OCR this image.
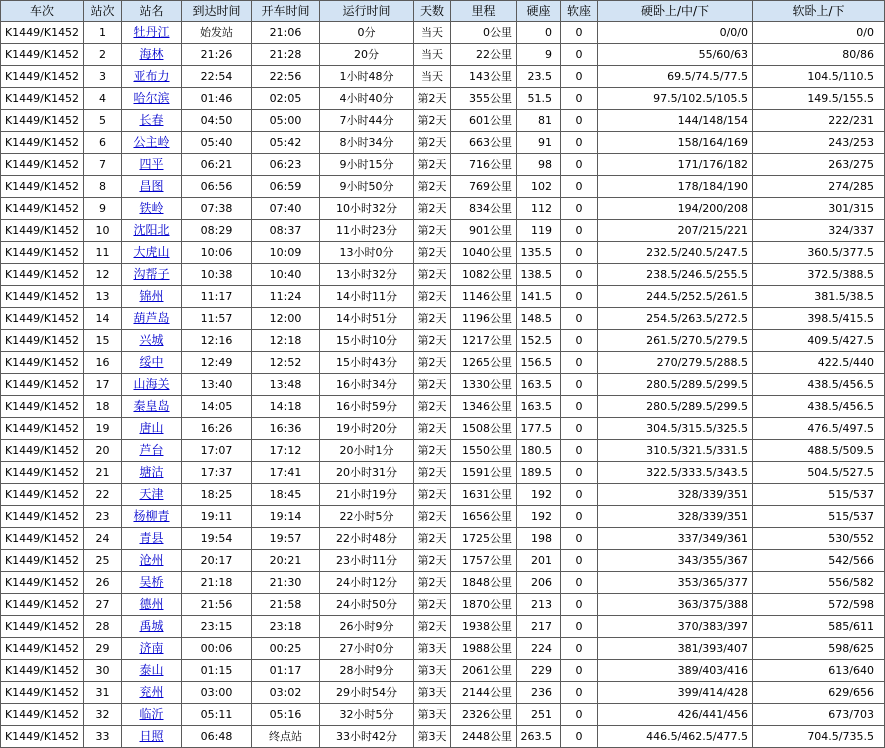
车次	站次	站名	到达时间	开车时间	运行时间	天数	里程	硬座	软座	硬卧上/中/下	软卧上/下
K1449/K1452	1	牡丹江	始发站	21:06	0分	当天	0公里	0	0	0/0/0	0/0
K1449/K1452	2	海林	21:26	21:28	20分	当天	22公里	9	0	55/60/63	80/86
K1449/K1452	3	亚布力	22:54	22:56	1小时48分	当天	143公里	23.5	0	69.5/74.5/77.5	104.5/110.5
K1449/K1452	4	哈尔滨	01:46	02:05	4小时40分	第2天	355公里	51.5	0	97.5/102.5/105.5	149.5/155.5
K1449/K1452	5	长春	04:50	05:00	7小时44分	第2天	601公里	81	0	144/148/154	222/231
K1449/K1452	6	公主岭	05:40	05:42	8小时34分	第2天	663公里	91	0	158/164/169	243/253
K1449/K1452	7	四平	06:21	06:23	9小时15分	第2天	716公里	98	0	171/176/182	263/275
K1449/K1452	8	昌图	06:56	06:59	9小时50分	第2天	769公里	102	0	178/184/190	274/285
K1449/K1452	9	铁岭	07:38	07:40	10小时32分	第2天	834公里	112	0	194/200/208	301/315
K1449/K1452	10	沈阳北	08:29	08:37	11小时23分	第2天	901公里	119	0	207/215/221	324/337
K1449/K1452	11	大虎山	10:06	10:09	13小时0分	第2天	1040公里	135.5	0	232.5/240.5/247.5	360.5/377.5
K1449/K1452	12	沟帮子	10:38	10:40	13小时32分	第2天	1082公里	138.5	0	238.5/246.5/255.5	372.5/388.5
K1449/K1452	13	锦州	11:17	11:24	14小时11分	第2天	1146公里	141.5	0	244.5/252.5/261.5	381.5/38.5
K1449/K1452	14	葫芦岛	11:57	12:00	14小时51分	第2天	1196公里	148.5	0	254.5/263.5/272.5	398.5/415.5
K1449/K1452	15	兴城	12:16	12:18	15小时10分	第2天	1217公里	152.5	0	261.5/270.5/279.5	409.5/427.5
K1449/K1452	16	绥中	12:49	12:52	15小时43分	第2天	1265公里	156.5	0	270/279.5/288.5	422.5/440
K1449/K1452	17	山海关	13:40	13:48	16小时34分	第2天	1330公里	163.5	0	280.5/289.5/299.5	438.5/456.5
K1449/K1452	18	秦皇岛	14:05	14:18	16小时59分	第2天	1346公里	163.5	0	280.5/289.5/299.5	438.5/456.5
K1449/K1452	19	唐山	16:26	16:36	19小时20分	第2天	1508公里	177.5	0	304.5/315.5/325.5	476.5/497.5
K1449/K1452	20	芦台	17:07	17:12	20小时1分	第2天	1550公里	180.5	0	310.5/321.5/331.5	488.5/509.5
K1449/K1452	21	塘沽	17:37	17:41	20小时31分	第2天	1591公里	189.5	0	322.5/333.5/343.5	504.5/527.5
K1449/K1452	22	天津	18:25	18:45	21小时19分	第2天	1631公里	192	0	328/339/351	515/537
K1449/K1452	23	杨柳青	19:11	19:14	22小时5分	第2天	1656公里	192	0	328/339/351	515/537
K1449/K1452	24	青县	19:54	19:57	22小时48分	第2天	1725公里	198	0	337/349/361	530/552
K1449/K1452	25	沧州	20:17	20:21	23小时11分	第2天	1757公里	201	0	343/355/367	542/566
K1449/K1452	26	吴桥	21:18	21:30	24小时12分	第2天	1848公里	206	0	353/365/377	556/582
K1449/K1452	27	德州	21:56	21:58	24小时50分	第2天	1870公里	213	0	363/375/388	572/598
K1449/K1452	28	禹城	23:15	23:18	26小时9分	第2天	1938公里	217	0	370/383/397	585/611
K1449/K1452	29	济南	00:06	00:25	27小时0分	第3天	1988公里	224	0	381/393/407	598/625
K1449/K1452	30	泰山	01:15	01:17	28小时9分	第3天	2061公里	229	0	389/403/416	613/640
K1449/K1452	31	兖州	03:00	03:02	29小时54分	第3天	2144公里	236	0	399/414/428	629/656
K1449/K1452	32	临沂	05:11	05:16	32小时5分	第3天	2326公里	251	0	426/441/456	673/703
K1449/K1452	33	日照	06:48	终点站	33小时42分	第3天	2448公里	263.5	0	446.5/462.5/477.5	704.5/735.5
